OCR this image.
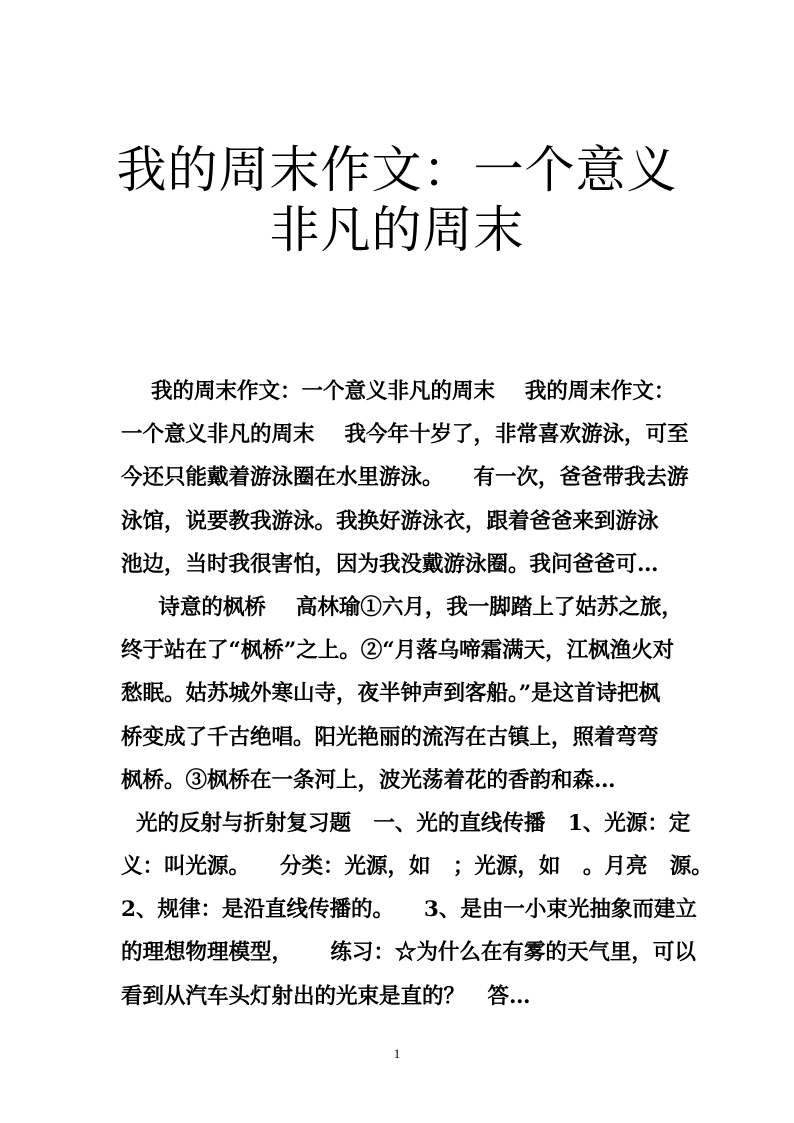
我的周末作文：一个意义
非凡的周末

我的周末作文：一个意义非凡的周末    我的周末作文：
一个意义非凡的周末    我今年十岁了，非常喜欢游泳，可至
今还只能戴着游泳圈在水里游泳。    有一次，爸爸带我去游
泳馆，说要教我游泳。我换好游泳衣，跟着爸爸来到游泳
池边，当时我很害怕，因为我没戴游泳圈。我问爸爸可…

诗意的枫桥    高林瑜①六月，我一脚踏上了姑苏之旅，
终于站在了“枫桥”之上。②“月落乌啼霜满天，江枫渔火对
愁眠。姑苏城外寒山寺，夜半钟声到客船。”是这首诗把枫
桥变成了千古绝唱。阳光艳丽的流泻在古镇上，照着弯弯
枫桥。③枫桥在一条河上，波光荡着花的香韵和森…

光的反射与折射复习题   一、光的直线传播   1、光源：定
义：叫光源。    分类：光源，如   ；光源，如   。月亮   源。
2、规律：是沿直线传播的。    3、是由一小束光抽象而建立
的理想物理模型，     练习：☆为什么在有雾的天气里，可以
看到从汽车头灯射出的光束是直的？   答…

1
